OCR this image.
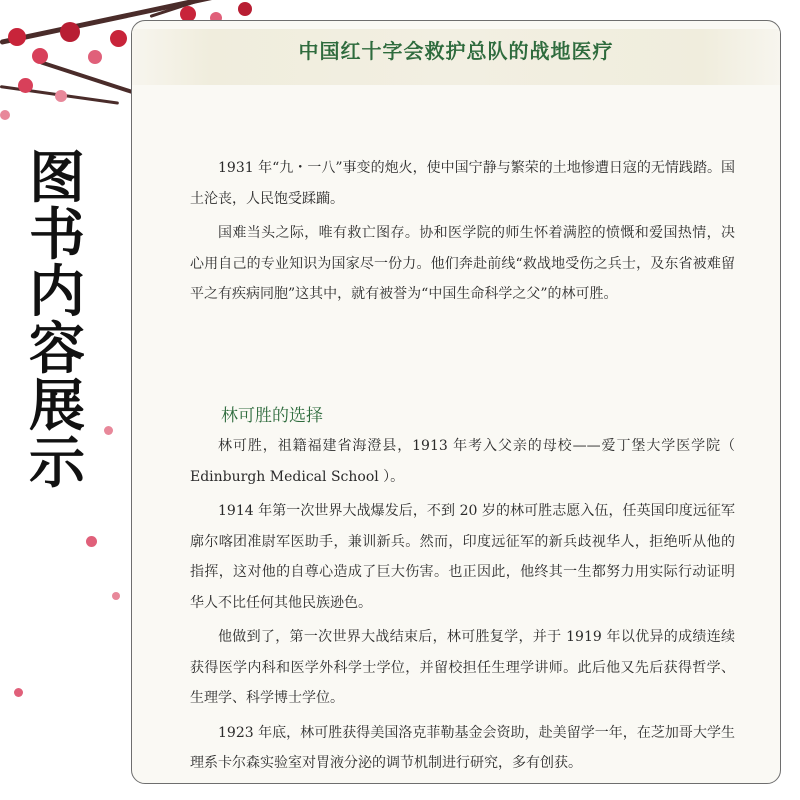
图
书
内
容
展
示
中国红十字会救护总队的战地医疗

1931 年“九・一八”事变的炮火，使中国宁静与繁荣的土地惨遭日寇的无情践踏。国土沦丧，人民饱受蹂躏。

国难当头之际，唯有救亡图存。协和医学院的师生怀着满腔的愤慨和爱国热情，决心用自己的专业知识为国家尽一份力。他们奔赴前线“救战地受伤之兵士，及东省被难留平之有疾病同胞”这其中，就有被誉为“中国生命科学之父”的林可胜。

林可胜的选择

林可胜，祖籍福建省海澄县，1913 年考入父亲的母校——爱丁堡大学医学院（ Edinburgh Medical School ）。

1914 年第一次世界大战爆发后，不到 20 岁的林可胜志愿入伍，任英国印度远征军廓尔喀团准尉军医助手，兼训新兵。然而，印度远征军的新兵歧视华人，拒绝听从他的指挥，这对他的自尊心造成了巨大伤害。也正因此，他终其一生都努力用实际行动证明华人不比任何其他民族逊色。

他做到了，第一次世界大战结束后，林可胜复学，并于 1919 年以优异的成绩连续获得医学内科和医学外科学士学位，并留校担任生理学讲师。此后他又先后获得哲学、生理学、科学博士学位。

1923 年底，林可胜获得美国洛克菲勒基金会资助，赴美留学一年，在芝加哥大学生理系卡尔森实验室对胃液分泌的调节机制进行研究，多有创获。
